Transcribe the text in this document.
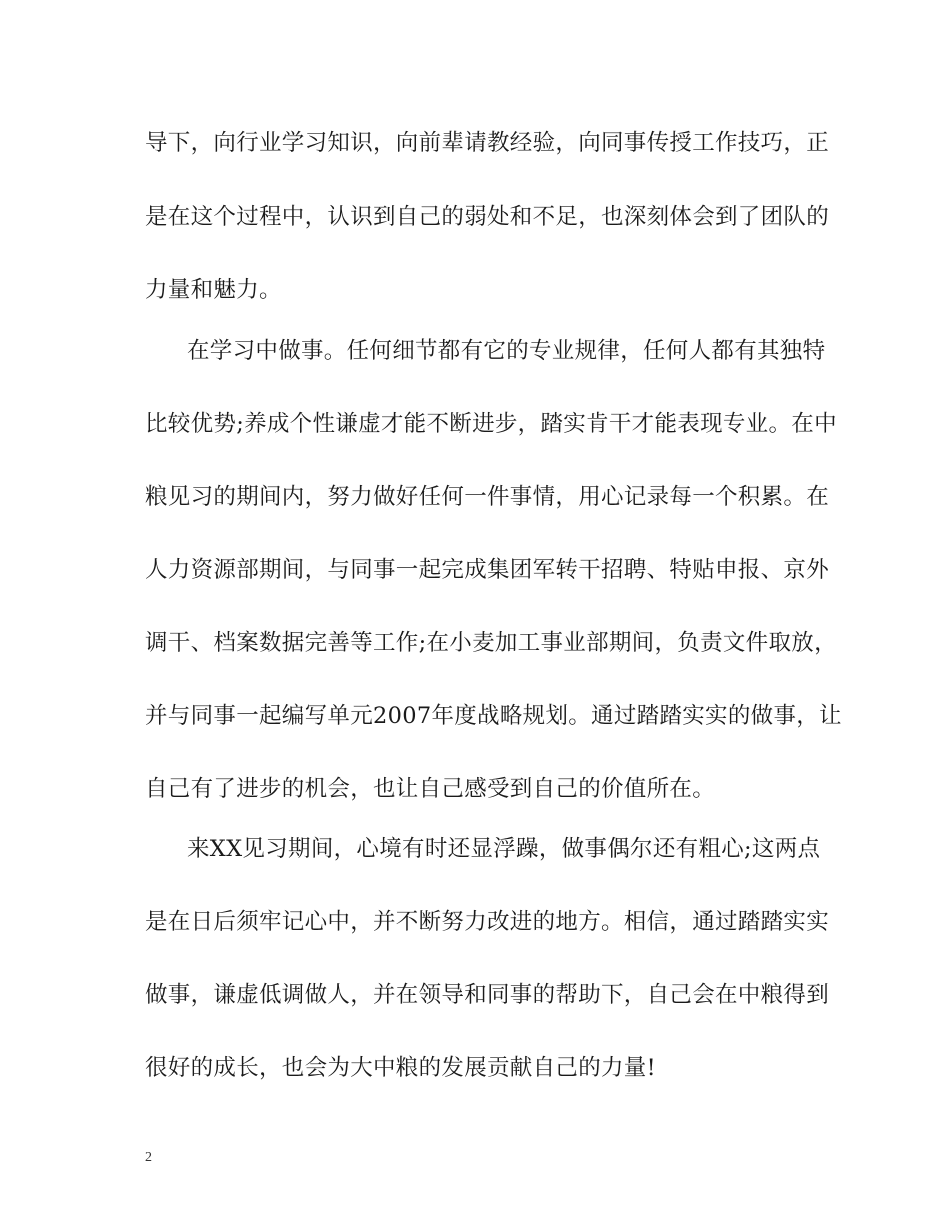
导下，向行业学习知识，向前辈请教经验，向同事传授工作技巧，正
是在这个过程中，认识到自己的弱处和不足，也深刻体会到了团队的
力量和魅力。
在学习中做事。任何细节都有它的专业规律，任何人都有其独特
比较优势;养成个性谦虚才能不断进步，踏实肯干才能表现专业。在中
粮见习的期间内，努力做好任何一件事情，用心记录每一个积累。在
人力资源部期间，与同事一起完成集团军转干招聘、特贴申报、京外
调干、档案数据完善等工作;在小麦加工事业部期间，负责文件取放，
并与同事一起编写单元2007年度战略规划。通过踏踏实实的做事，让
自己有了进步的机会，也让自己感受到自己的价值所在。
来XX见习期间，心境有时还显浮躁，做事偶尔还有粗心;这两点
是在日后须牢记心中，并不断努力改进的地方。相信，通过踏踏实实
做事，谦虚低调做人，并在领导和同事的帮助下，自己会在中粮得到
很好的成长，也会为大中粮的发展贡献自己的力量!
2
